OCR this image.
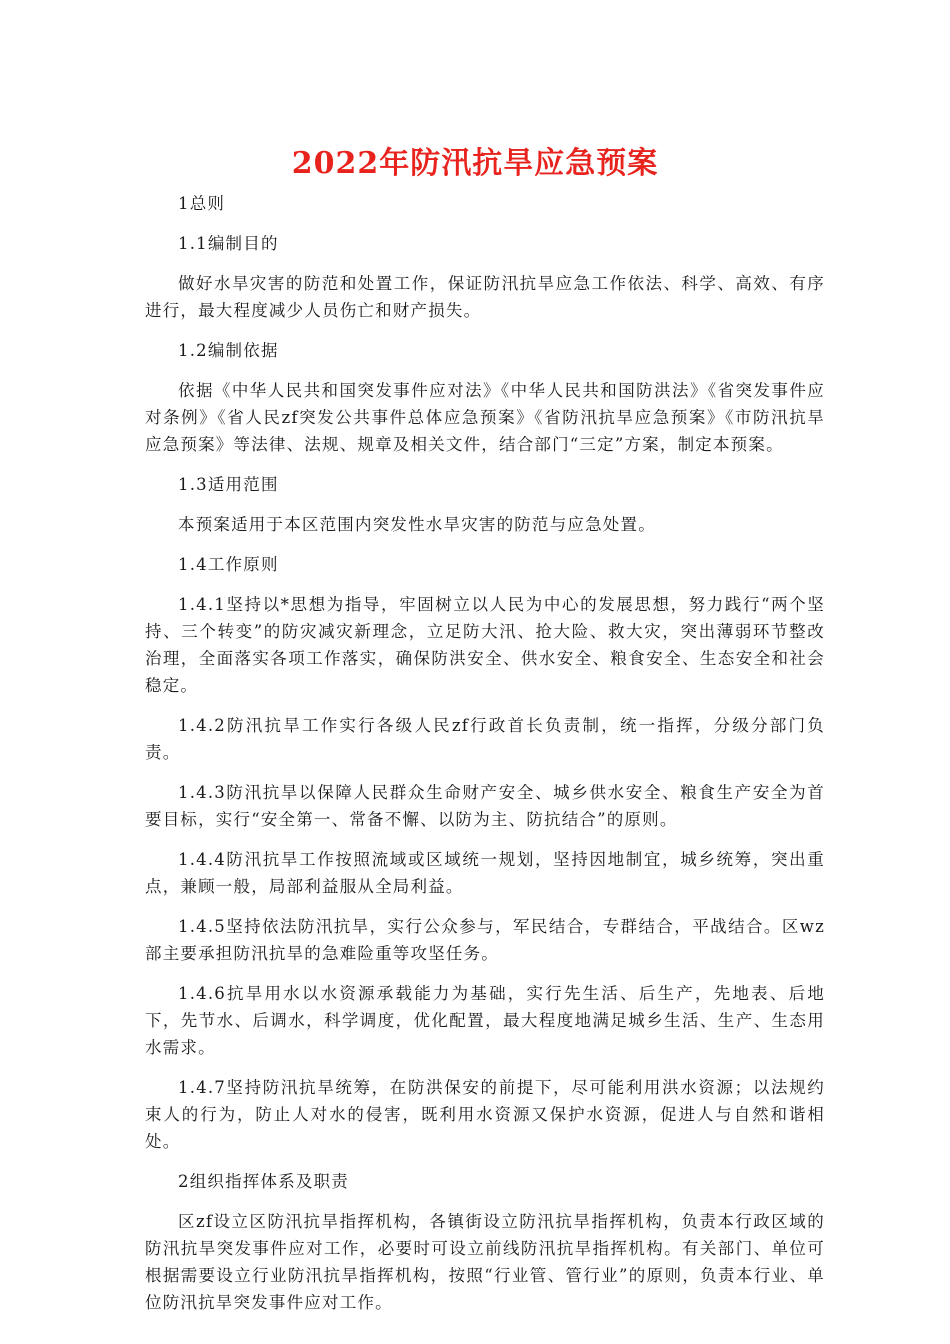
2022年防汛抗旱应急预案

1总则

1.1编制目的

做好水旱灾害的防范和处置工作，保证防汛抗旱应急工作依法、科学、高效、有序进行，最大程度减少人员伤亡和财产损失。

1.2编制依据

依据《中华人民共和国突发事件应对法》《中华人民共和国防洪法》《省突发事件应对条例》《省人民zf突发公共事件总体应急预案》《省防汛抗旱应急预案》《市防汛抗旱应急预案》等法律、法规、规章及相关文件，结合部门“三定”方案，制定本预案。

1.3适用范围

本预案适用于本区范围内突发性水旱灾害的防范与应急处置。

1.4工作原则

1.4.1坚持以*思想为指导，牢固树立以人民为中心的发展思想，努力践行“两个坚持、三个转变”的防灾减灾新理念，立足防大汛、抢大险、救大灾，突出薄弱环节整改治理，全面落实各项工作落实，确保防洪安全、供水安全、粮食安全、生态安全和社会稳定。

1.4.2防汛抗旱工作实行各级人民zf行政首长负责制，统一指挥，分级分部门负责。

1.4.3防汛抗旱以保障人民群众生命财产安全、城乡供水安全、粮食生产安全为首要目标，实行“安全第一、常备不懈、以防为主、防抗结合”的原则。

1.4.4防汛抗旱工作按照流域或区域统一规划，坚持因地制宜，城乡统筹，突出重点，兼顾一般，局部利益服从全局利益。

1.4.5坚持依法防汛抗旱，实行公众参与，军民结合，专群结合，平战结合。区wz部主要承担防汛抗旱的急难险重等攻坚任务。

1.4.6抗旱用水以水资源承载能力为基础，实行先生活、后生产，先地表、后地下，先节水、后调水，科学调度，优化配置，最大程度地满足城乡生活、生产、生态用水需求。

1.4.7坚持防汛抗旱统筹，在防洪保安的前提下，尽可能利用洪水资源；以法规约束人的行为，防止人对水的侵害，既利用水资源又保护水资源，促进人与自然和谐相处。

2组织指挥体系及职责

区zf设立区防汛抗旱指挥机构，各镇街设立防汛抗旱指挥机构，负责本行政区域的防汛抗旱突发事件应对工作，必要时可设立前线防汛抗旱指挥机构。有关部门、单位可根据需要设立行业防汛抗旱指挥机构，按照“行业管、管行业”的原则，负责本行业、单位防汛抗旱突发事件应对工作。
